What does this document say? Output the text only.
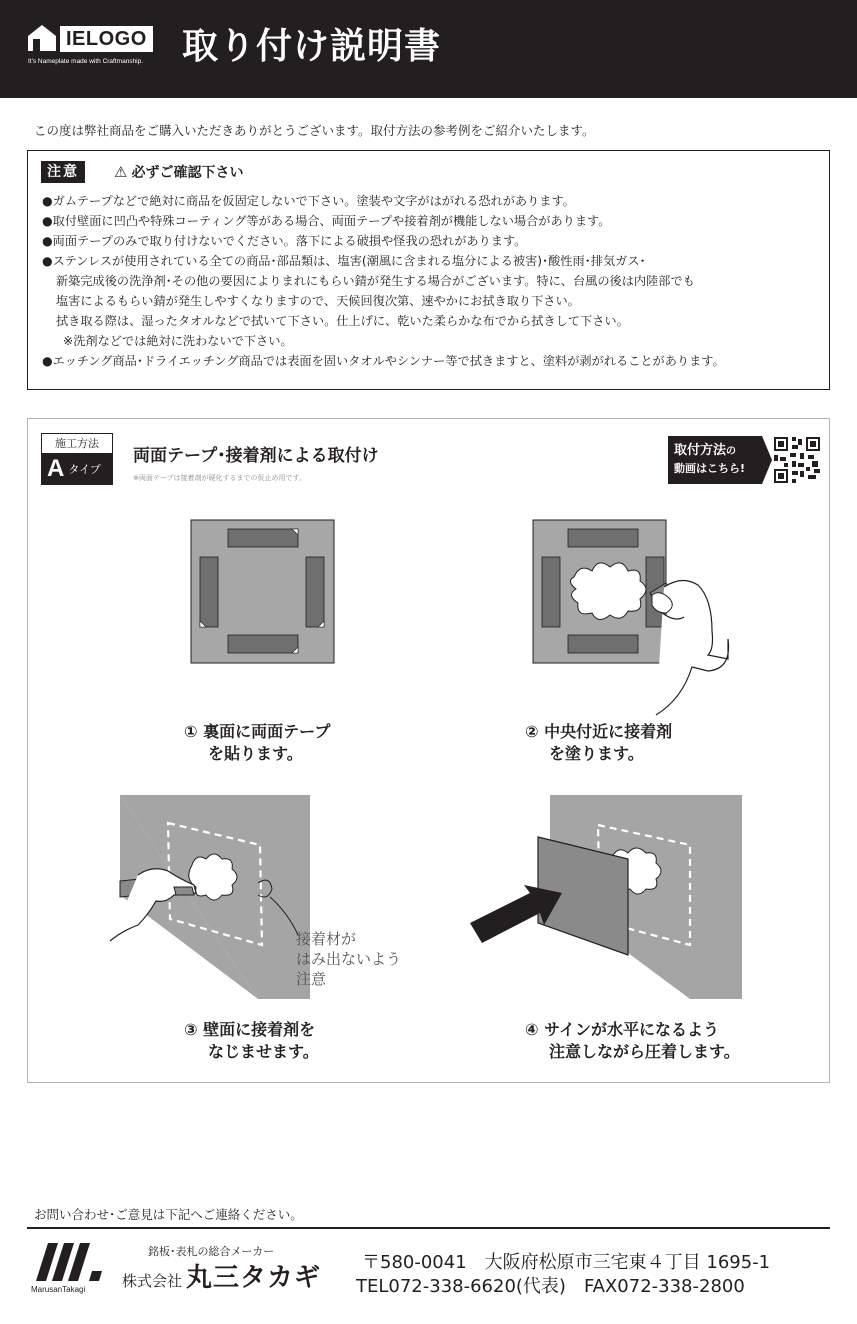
IELOGO
It's Nameplate made with Craftmanship. 取り付け説明書
この度は弊社商品をご購入いただきありがとうございます。取付方法の参考例をご紹介いたします。
注意	⚠ 必ずご確認下さい
●ガムテープなどで絶対に商品を仮固定しないで下さい。塗装や文字がはがれる恐れがあります。
●取付壁面に凹凸や特殊コーティング等がある場合、両面テープや接着剤が機能しない場合があります。
●両面テープのみで取り付けないでください。落下による破損や怪我の恐れがあります。
●ステンレスが使用されている全ての商品･部品類は、塩害(潮風に含まれる塩分による被害)･酸性雨･排気ガス･
新築完成後の洗浄剤･その他の要因によりまれにもらい錆が発生する場合がございます。特に、台風の後は内陸部でも
塩害によるもらい錆が発生しやすくなりますので、天候回復次第、速やかにお拭き取り下さい。
拭き取る際は、湿ったタオルなどで拭いて下さい。仕上げに、乾いた柔らかな布でから拭きして下さい。
※洗剤などでは絶対に洗わないで下さい。
●エッチング商品･ドライエッチング商品では表面を固いタオルやシンナー等で拭きますと、塗料が剥がれることがあります。
施工方法
A タイプ
両面テープ･接着剤による取付け
※両面テープは接着剤が硬化するまでの仮止め用です。
取付方法の
動画はこちら!
① 裏面に両面テープ
を貼ります。
② 中央付近に接着剤
を塗ります。
接着材が
はみ出ないよう
注意
③ 壁面に接着剤を
なじませます。
④ サインが水平になるよう
注意しながら圧着します。
お問い合わせ･ご意見は下記へご連絡ください。
MarusanTakagi
銘板･表札の総合メーカー
株式会社 丸三タカギ
〒580-0041　大阪府松原市三宅東４丁目 1695-1
TEL072-338-6620(代表)　FAX072-338-2800
